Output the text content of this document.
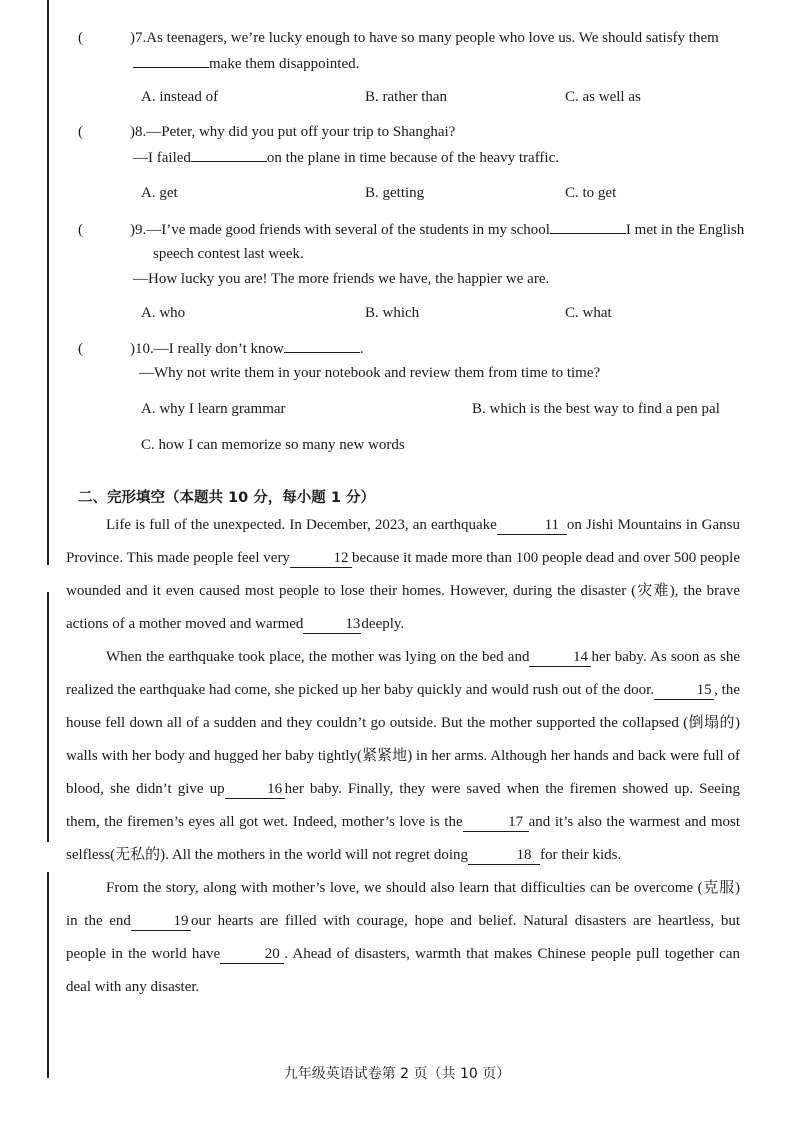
(	)7.As teenagers, we’re lucky enough to have so many people who love us. We should satisfy them
make them disappointed.
A. instead of	B. rather than	C. as well as
(	)8.—Peter, why did you put off your trip to Shanghai?
—I failed	on the plane in time because of the heavy traffic.
A. get	B. getting	C. to get
(	)9.—I’ve made good friends with several of the students in my school	I met in the English
speech contest last week.
—How lucky you are! The more friends we have, the happier we are.
A. who	B. which	C. what
(	)10.—I really don’t know	.
—Why not write them in your notebook and review them from time to time?
A. why I learn grammar	B. which is the best way to find a pen pal
C. how I can memorize so many new words
二、完形填空（本题共 10 分，每小题 1 分）

Life is full of the unexpected. In December, 2023, an earthquake	11 on Jishi Mountains in Gansu Province. This made people feel very	12 because it made more than 100 people dead and over 500 people wounded and it even caused most people to lose their homes. However, during the disaster (灾难), the brave actions of a mother moved and warmed	13deeply.

When the earthquake took place, the mother was lying on the bed and	14 her baby. As soon as she realized the earthquake had come, she picked up her baby quickly and would rush out of the door.	15 , the house fell down all of a sudden and they couldn’t go outside. But the mother supported the collapsed (倒塌的) walls with her body and hugged her baby tightly(紧紧地) in her arms. Although her hands and back were full of blood, she didn’t give up	16 her baby. Finally, they were saved when the firemen showed up. Seeing them, the firemen’s eyes all got wet. Indeed, mother’s love is the	17 and it’s also the warmest and most selfless(无私的). All the mothers in the world will not regret doing	18 for their kids.

From the story, along with mother’s love, we should also learn that difficulties can be overcome (克服) in the end	19 our hearts are filled with courage, hope and belief. Natural disasters are heartless, but people in the world have	20 . Ahead of disasters, warmth that makes Chinese people pull together can deal with any disaster.

九年级英语试卷第 2 页（共 10 页）
